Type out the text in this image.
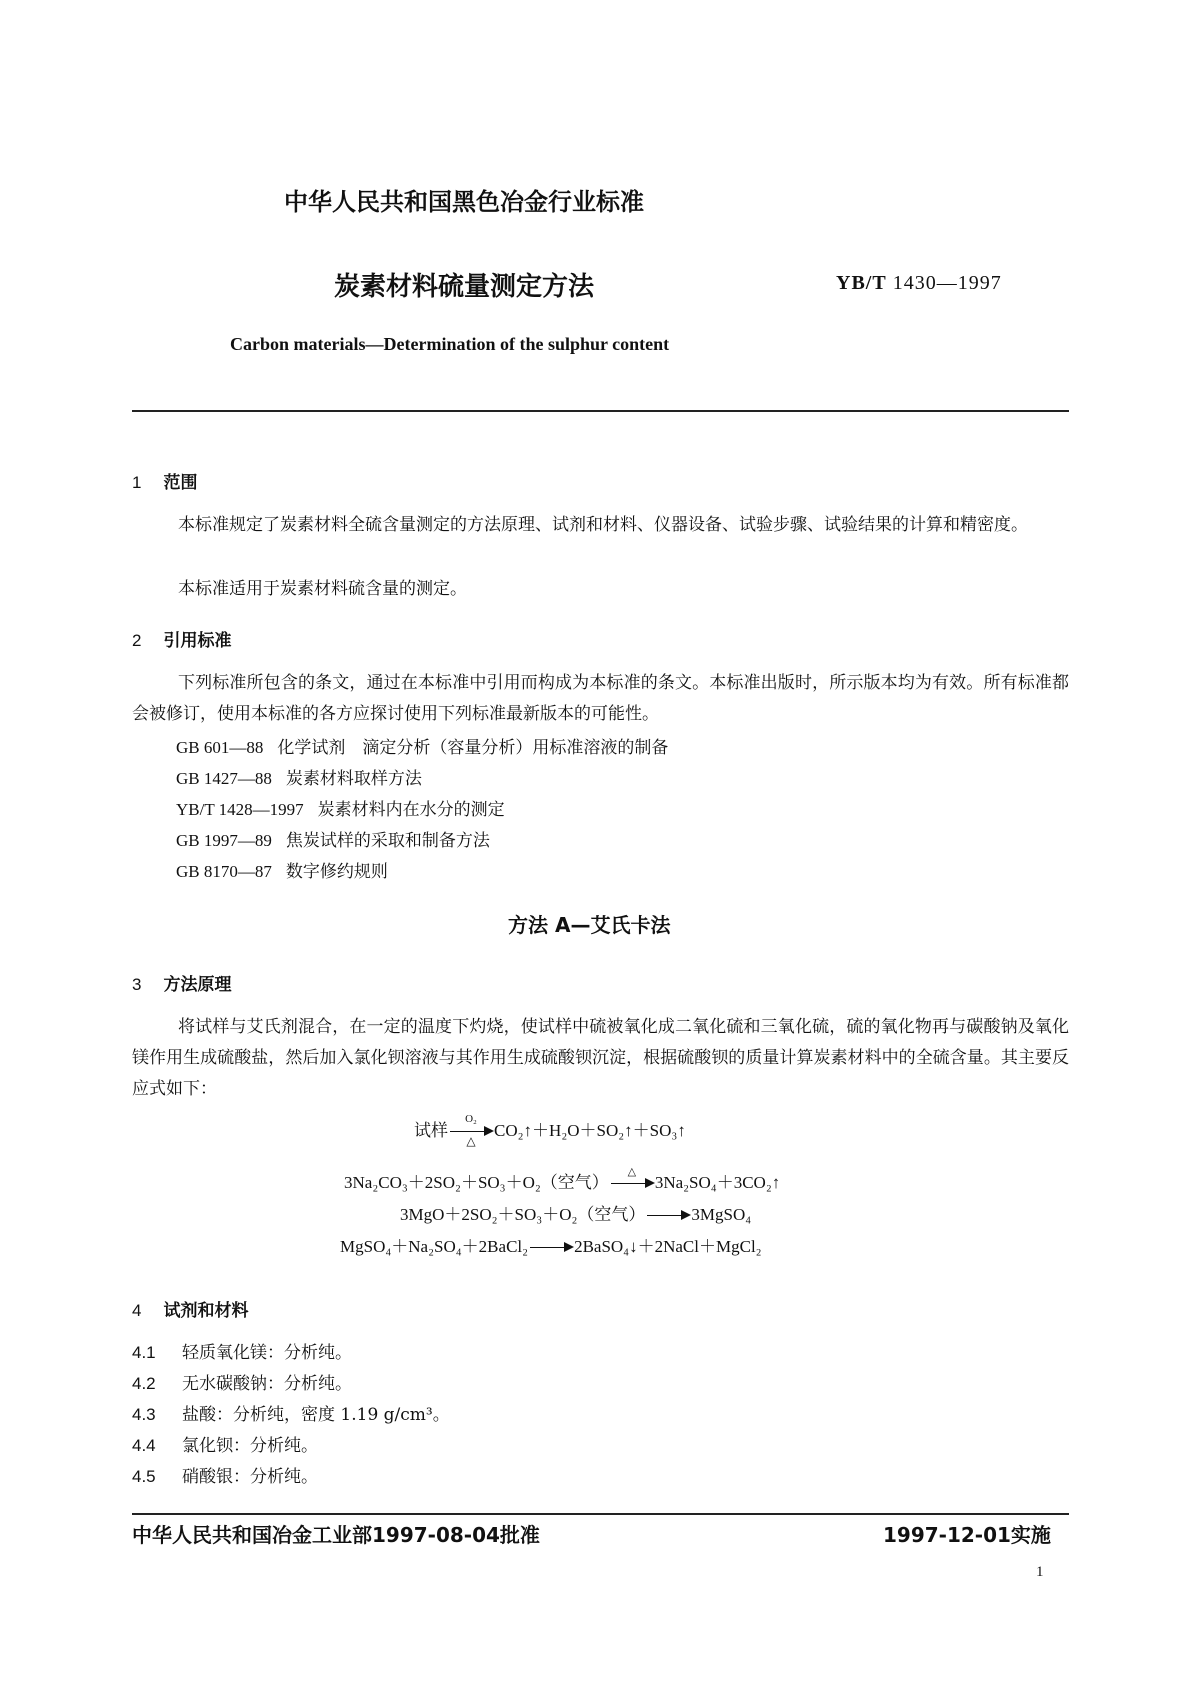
中华人民共和国黑色冶金行业标准
炭素材料硫量测定方法	YB/T 1430—1997
Carbon materials—Determination of the sulphur content
1 范围
本标准规定了炭素材料全硫含量测定的方法原理、试剂和材料、仪器设备、试验步骤、试验结果的计算和精密度。
本标准适用于炭素材料硫含量的测定。
2 引用标准
下列标准所包含的条文，通过在本标准中引用而构成为本标准的条文。本标准出版时，所示版本均为有效。所有标准都会被修订，使用本标准的各方应探讨使用下列标准最新版本的可能性。
GB 601—88 化学试剂　滴定分析（容量分析）用标准溶液的制备
GB 1427—88 炭素材料取样方法
YB/T 1428—1997 炭素材料内在水分的测定
GB 1997—89 焦炭试样的采取和制备方法
GB 8170—87 数字修约规则
方法 A—艾氏卡法
3 方法原理
将试样与艾氏剂混合，在一定的温度下灼烧，使试样中硫被氧化成二氧化硫和三氧化硫，硫的氧化物再与碳酸钠及氧化镁作用生成硫酸盐，然后加入氯化钡溶液与其作用生成硫酸钡沉淀，根据硫酸钡的质量计算炭素材料中的全硫含量。其主要反应式如下：
试样
O₂
△
CO₂↑＋H₂O＋SO₂↑＋SO₃↑
3Na₂CO₃＋2SO₂＋SO₃＋O₂（空气）
△
3Na₂SO₄＋3CO₂↑
3MgO＋2SO₂＋SO₃＋O₂（空气）	3MgSO₄
MgSO₄＋Na₂SO₄＋2BaCl₂	2BaSO₄↓＋2NaCl＋MgCl₂
4 试剂和材料
4.1 轻质氧化镁：分析纯。
4.2 无水碳酸钠：分析纯。
4.3 盐酸：分析纯，密度 1.19 g/cm³。
4.4 氯化钡：分析纯。
4.5 硝酸银：分析纯。
中华人民共和国冶金工业部1997-08-04批准	1997-12-01实施
1
